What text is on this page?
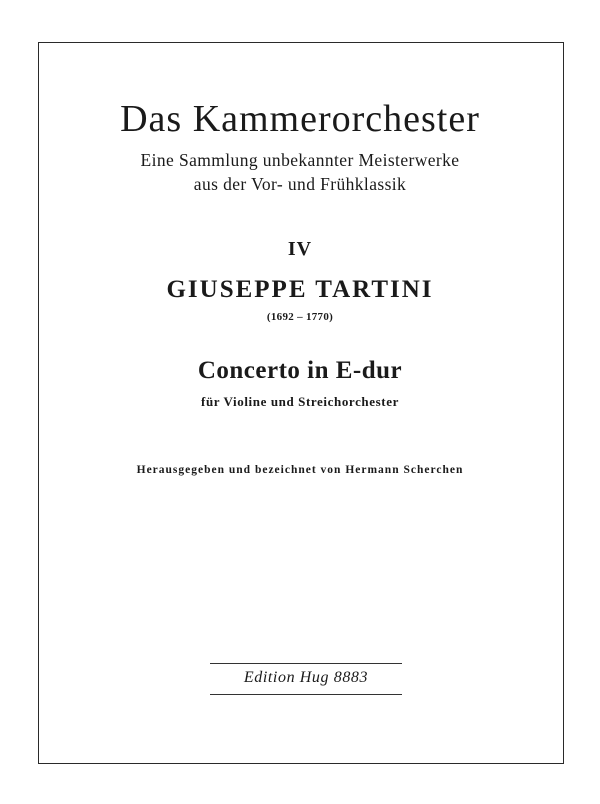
Das Kammerorchester

Eine Sammlung unbekannter Meisterwerke

aus der Vor- und Frühklassik

IV

GIUSEPPE TARTINI

(1692 – 1770)

Concerto in E-dur

für Violine und Streichorchester

Herausgegeben und bezeichnet von Hermann Scherchen

Edition Hug 8883
